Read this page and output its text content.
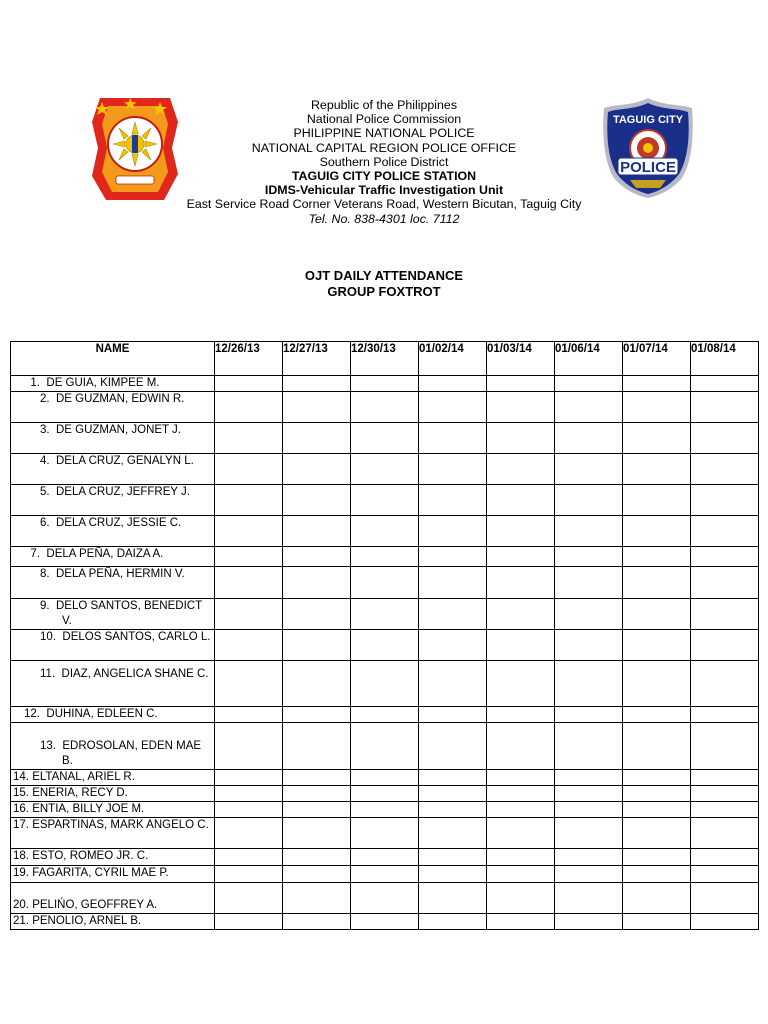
TAGUIG CITY
POLICE
Republic of the Philippines
National Police Commission
PHILIPPINE NATIONAL POLICE
NATIONAL CAPITAL REGION POLICE OFFICE
Southern Police District
TAGUIG CITY POLICE STATION
IDMS-Vehicular Traffic Investigation Unit
East Service Road Corner Veterans Road, Western Bicutan, Taguig City
Tel. No. 838-4301 loc. 7112
OJT DAILY ATTENDANCE
GROUP FOXTROT
NAME	12/26/13	12/27/13	12/30/13	01/02/14	01/03/14	01/06/14	01/07/14	01/08/14

1. DE GUIA, KIMPEE M.								

2. DE GUZMAN, EDWIN R.								

3. DE GUZMAN, JONET J.								

4. DELA CRUZ, GENALYN L.								

5. DELA CRUZ, JEFFREY J.								

6. DELA CRUZ, JESSIE C.								

7. DELA PEÑA, DAIZA A.								

8. DELA PEÑA, HERMIN V.								

9. DELO SANTOS, BENEDICT V.								

10. DELOS SANTOS, CARLO L.								

11. DIAZ, ANGELICA SHANE C.								

12. DUHINA, EDLEEN C.								

13. EDROSOLAN, EDEN MAE B.								

14. ELTANAL, ARIEL R.								

15. ENERIA, RECY D.								

16. ENTIA, BILLY JOE M.								

17. ESPARTINAS, MARK ANGELO C.								

18. ESTO, ROMEO JR. C.								

19. FAGARITA, CYRIL MAE P.								

20. PELIŃO, GEOFFREY A.								

21. PENOLIO, ARNEL B.								
